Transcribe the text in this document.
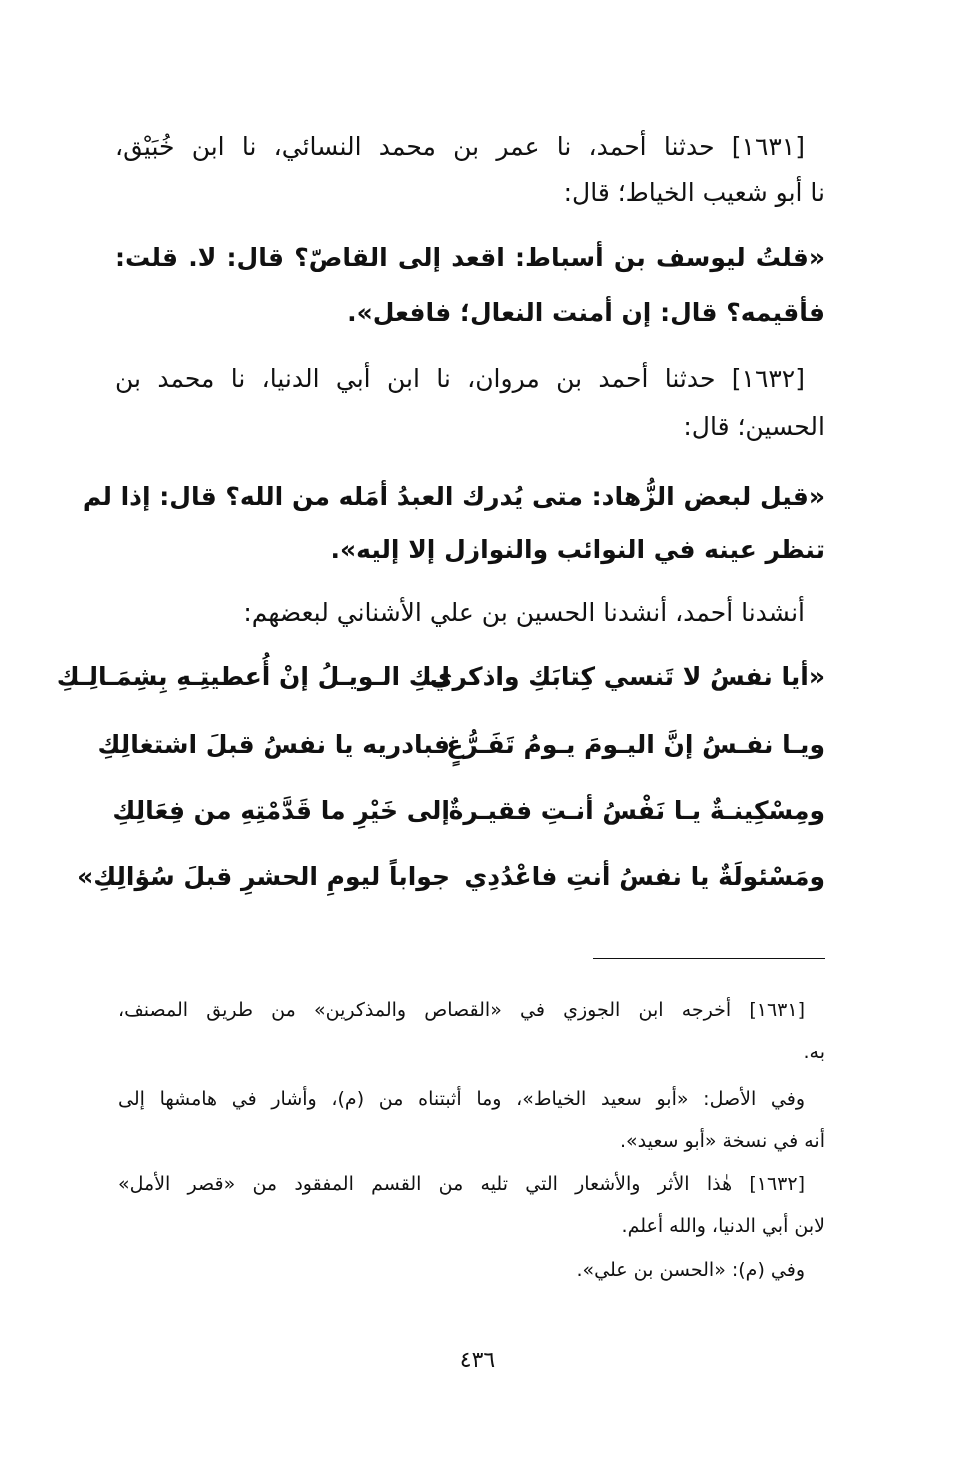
[١٦٣١] حدثنا أحمد، نا عمر بن محمد النسائي، نا ابن خُبَيْق،
نا أبو شعيب الخياط؛ قال:
«قلتُ ليوسف بن أسباط: اقعد إلى القاصّ؟ قال: لا. قلت:
فأقيمه؟ قال: إن أمنت النعال؛ فافعل».
[١٦٣٢] حدثنا أحمد بن مروان، نا ابن أبي الدنيا، نا محمد بن
الحسين؛ قال:
«قيل لبعض الزُّهاد: متى يُدرك العبدُ أمَله من الله؟ قال: إذا لم
تنظر عينه في النوائب والنوازل إلا إليه».
أنشدنا أحمد، أنشدنا الحسين بن علي الأشناني لبعضهم:
«أيا نفسُ لا تَنسي كِتابَكِ واذكري
لـكِ الـويـلُ إنْ أُعطيتِـهِ بِشِمَـالِـكِ
ويـا نفـسُ إنَّ اليـومَ يـومُ تَفَـرُّغٍ
فبادريه يا نفسُ قبلَ اشتغالِكِ
ومِسْكِينـةٌ يـا نَفْسُ أنـتِ فقيـرةٌ
إلى خَيْرِ ما قَدَّمْتِهِ من فِعَالِكِ
ومَسْئولَةٌ يا نفسُ أنتِ فاعْدُدِي
جواباً ليومِ الحشرِ قبلَ سُؤالِكِ»
[١٦٣١] أخرجه ابن الجوزي في «القصاص والمذكرين» من طريق المصنف،
به.
وفي الأصل: «أبو سعيد الخياط»، وما أثبتناه من (م)، وأشار في هامشها إلى
أنه في نسخة «أبو سعيد».
[١٦٣٢] هٰذا الأثر والأشعار التي تليه من القسم المفقود من «قصر الأمل»
لابن أبي الدنيا، والله أعلم.
وفي (م): «الحسن بن علي».
٤٣٦
